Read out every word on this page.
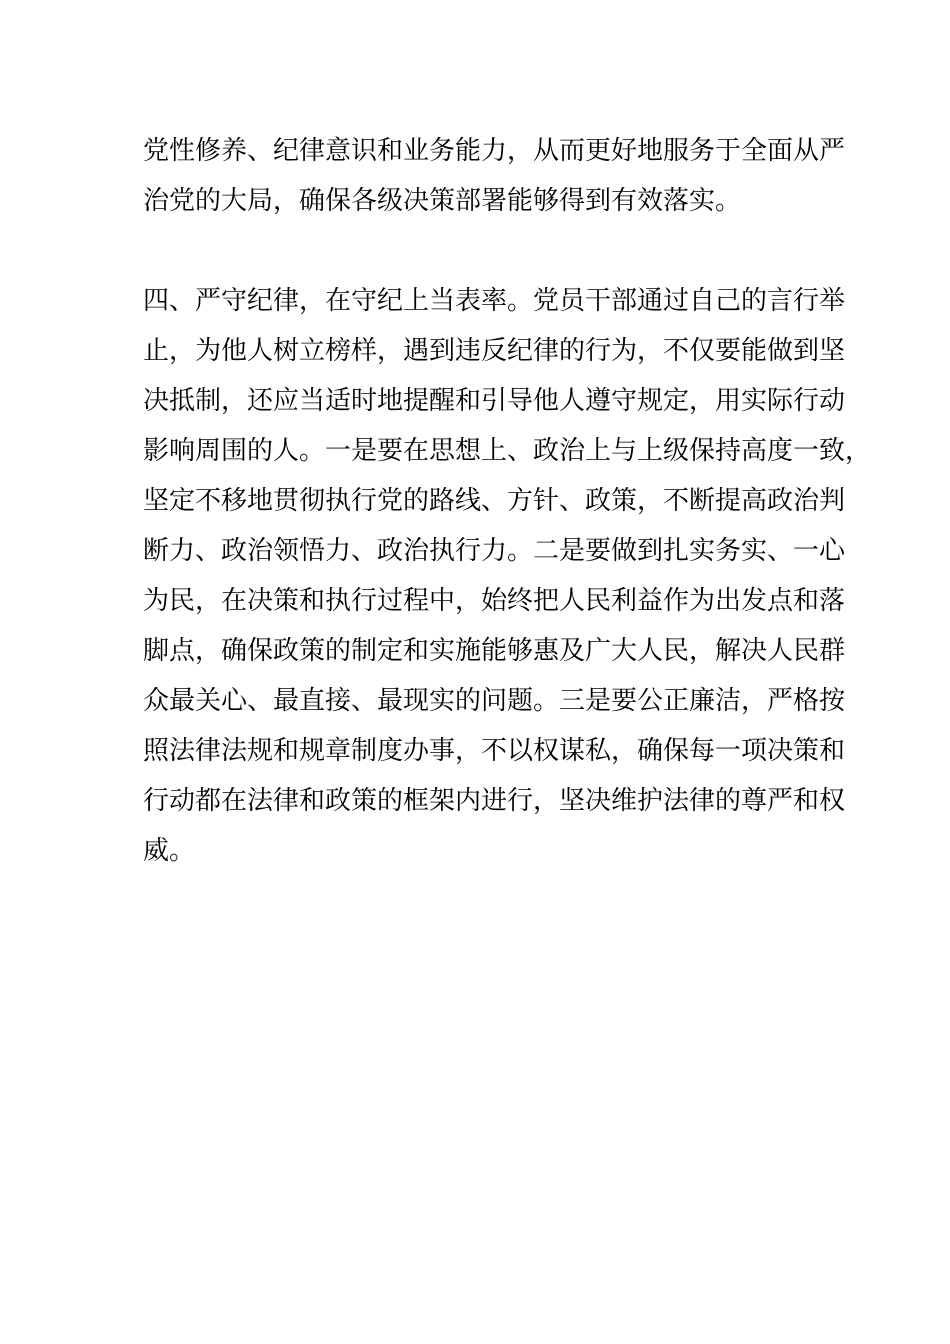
党性修养、纪律意识和业务能力，从而更好地服务于全面从严
治党的大局，确保各级决策部署能够得到有效落实。
四、严守纪律，在守纪上当表率。党员干部通过自己的言行举
止，为他人树立榜样，遇到违反纪律的行为，不仅要能做到坚
决抵制，还应当适时地提醒和引导他人遵守规定，用实际行动
影响周围的人。一是要在思想上、政治上与上级保持高度一致，
坚定不移地贯彻执行党的路线、方针、政策，不断提高政治判
断力、政治领悟力、政治执行力。二是要做到扎实务实、一心
为民，在决策和执行过程中，始终把人民利益作为出发点和落
脚点，确保政策的制定和实施能够惠及广大人民，解决人民群
众最关心、最直接、最现实的问题。三是要公正廉洁，严格按
照法律法规和规章制度办事，不以权谋私，确保每一项决策和
行动都在法律和政策的框架内进行，坚决维护法律的尊严和权
威。
